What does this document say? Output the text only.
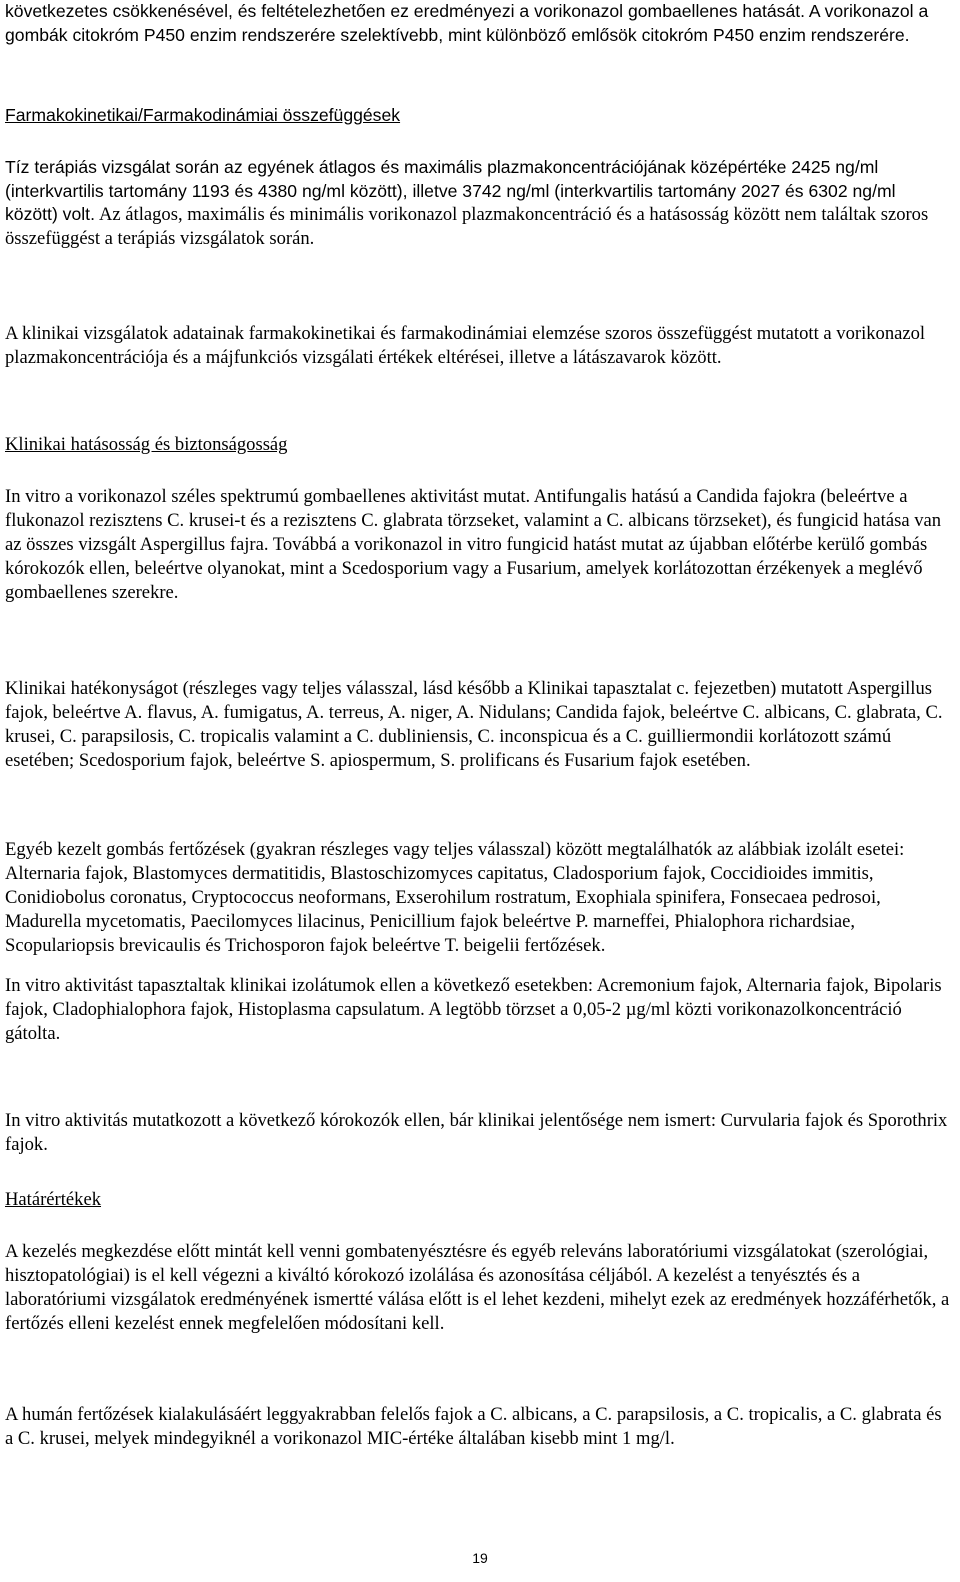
következetes csökkenésével, és feltételezhetően ez eredményezi a vorikonazol gombaellenes hatását. A vorikonazol a gombák citokróm P450 enzim rendszerére szelektívebb, mint különböző emlősök citokróm P450 enzim rendszerére.

Farmakokinetikai/Farmakodinámiai összefüggések

Tíz terápiás vizsgálat során az egyének átlagos és maximális plazmakoncentrációjának középértéke 2425 ng/ml (interkvartilis tartomány 1193 és 4380 ng/ml között), illetve 3742 ng/ml (interkvartilis tartomány 2027 és 6302 ng/ml között) volt. Az átlagos, maximális és minimális vorikonazol plazmakoncentráció és a hatásosság között nem találtak szoros összefüggést a terápiás vizsgálatok során.

A klinikai vizsgálatok adatainak farmakokinetikai és farmakodinámiai elemzése szoros összefüggést mutatott a vorikonazol plazmakoncentrációja és a májfunkciós vizsgálati értékek eltérései, illetve a látászavarok között.

Klinikai hatásosság és biztonságosság

In vitro a vorikonazol széles spektrumú gombaellenes aktivitást mutat. Antifungalis hatású a Candida fajokra (beleértve a flukonazol rezisztens C. krusei-t és a rezisztens C. glabrata törzseket, valamint a C. albicans törzseket), és fungicid hatása van az összes vizsgált Aspergillus fajra. Továbbá a vorikonazol in vitro fungicid hatást mutat az újabban előtérbe kerülő gombás kórokozók ellen, beleértve olyanokat, mint a Scedosporium vagy a Fusarium, amelyek korlátozottan érzékenyek a meglévő gombaellenes szerekre.

Klinikai hatékonyságot (részleges vagy teljes válasszal, lásd később a Klinikai tapasztalat c. fejezetben) mutatott Aspergillus fajok, beleértve A. flavus, A. fumigatus, A. terreus, A. niger, A. Nidulans; Candida fajok, beleértve C. albicans, C. glabrata, C. krusei, C. parapsilosis, C. tropicalis valamint a C. dubliniensis, C. inconspicua és a C. guilliermondii korlátozott számú esetében; Scedosporium fajok, beleértve S. apiospermum, S. prolificans és Fusarium fajok esetében.

Egyéb kezelt gombás fertőzések (gyakran részleges vagy teljes válasszal) között megtalálhatók az alábbiak izolált esetei: Alternaria fajok, Blastomyces dermatitidis, Blastoschizomyces capitatus, Cladosporium fajok, Coccidioides immitis, Conidiobolus coronatus, Cryptococcus neoformans, Exserohilum rostratum, Exophiala spinifera, Fonsecaea pedrosoi, Madurella mycetomatis, Paecilomyces lilacinus, Penicillium fajok beleértve P. marneffei, Phialophora richardsiae, Scopulariopsis brevicaulis és Trichosporon fajok beleértve T. beigelii fertőzések.

In vitro aktivitást tapasztaltak klinikai izolátumok ellen a következő esetekben: Acremonium fajok, Alternaria fajok, Bipolaris fajok, Cladophialophora fajok, Histoplasma capsulatum. A legtöbb törzset a 0,05-2 µg/ml közti vorikonazolkoncentráció gátolta.

In vitro aktivitás mutatkozott a következő kórokozók ellen, bár klinikai jelentősége nem ismert: Curvularia fajok és Sporothrix fajok.

Határértékek

A kezelés megkezdése előtt mintát kell venni gombatenyésztésre és egyéb releváns laboratóriumi vizsgálatokat (szerológiai, hisztopatológiai) is el kell végezni a kiváltó kórokozó izolálása és azonosítása céljából. A kezelést a tenyésztés és a laboratóriumi vizsgálatok eredményének ismertté válása előtt is el lehet kezdeni, mihelyt ezek az eredmények hozzáférhetők, a fertőzés elleni kezelést ennek megfelelően módosítani kell.

A humán fertőzések kialakulásáért leggyakrabban felelős fajok a C. albicans, a C. parapsilosis, a C. tropicalis, a C. glabrata és a C. krusei, melyek mindegyiknél a vorikonazol MIC-értéke általában kisebb mint 1 mg/l.

19
